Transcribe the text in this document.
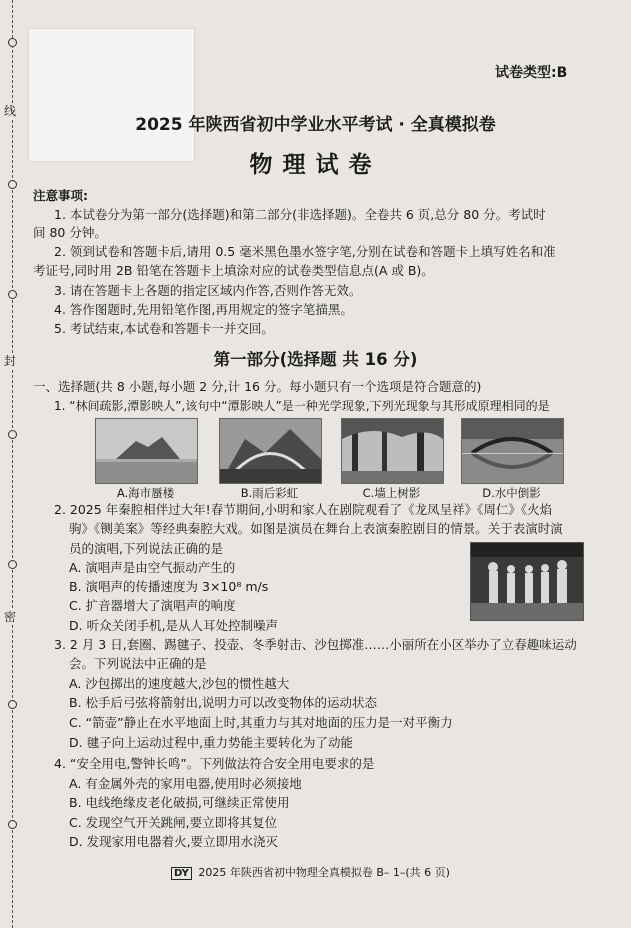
线
封
密
试卷类型:B
2025 年陕西省初中学业水平考试 · 全真模拟卷
物理试卷
注意事项:
1. 本试卷分为第一部分(选择题)和第二部分(非选择题)。全卷共 6 页,总分 80 分。考试时
间 80 分钟。
2. 领到试卷和答题卡后,请用 0.5 毫米黑色墨水签字笔,分别在试卷和答题卡上填写姓名和准
考证号,同时用 2B 铅笔在答题卡上填涂对应的试卷类型信息点(A 或 B)。
3. 请在答题卡上各题的指定区域内作答,否则作答无效。
4. 答作图题时,先用铅笔作图,再用规定的签字笔描黑。
5. 考试结束,本试卷和答题卡一并交回。
第一部分(选择题 共 16 分)
一、选择题(共 8 小题,每小题 2 分,计 16 分。每小题只有一个选项是符合题意的)
1. “林间疏影,潭影映人”,该句中“潭影映人”是一种光学现象,下列光现象与其形成原理相同的是
A.海市蜃楼	B.雨后彩虹	C.墙上树影	D.水中倒影
2. 2025 年秦腔相伴过大年!春节期间,小明和家人在剧院观看了《龙凤呈祥》《周仁》《火焰
驹》《铡美案》等经典秦腔大戏。如图是演员在舞台上表演秦腔剧目的情景。关于表演时演
员的演唱,下列说法正确的是
A. 演唱声是由空气振动产生的
B. 演唱声的传播速度为 3×10⁸ m/s
C. 扩音器增大了演唱声的响度
D. 听众关闭手机,是从人耳处控制噪声
3. 2 月 3 日,套圈、踢毽子、投壶、冬季射击、沙包掷准……小丽所在小区举办了立春趣味运动
会。下列说法中正确的是
A. 沙包掷出的速度越大,沙包的惯性越大
B. 松手后弓弦将箭射出,说明力可以改变物体的运动状态
C. “箭壶”静止在水平地面上时,其重力与其对地面的压力是一对平衡力
D. 毽子向上运动过程中,重力势能主要转化为了动能
4. “安全用电,警钟长鸣”。下列做法符合安全用电要求的是
A. 有金属外壳的家用电器,使用时必须接地
B. 电线绝缘皮老化破损,可继续正常使用
C. 发现空气开关跳闸,要立即将其复位
D. 发现家用电器着火,要立即用水浇灭
DY 2025 年陕西省初中物理全真模拟卷 B– 1–(共 6 页)
